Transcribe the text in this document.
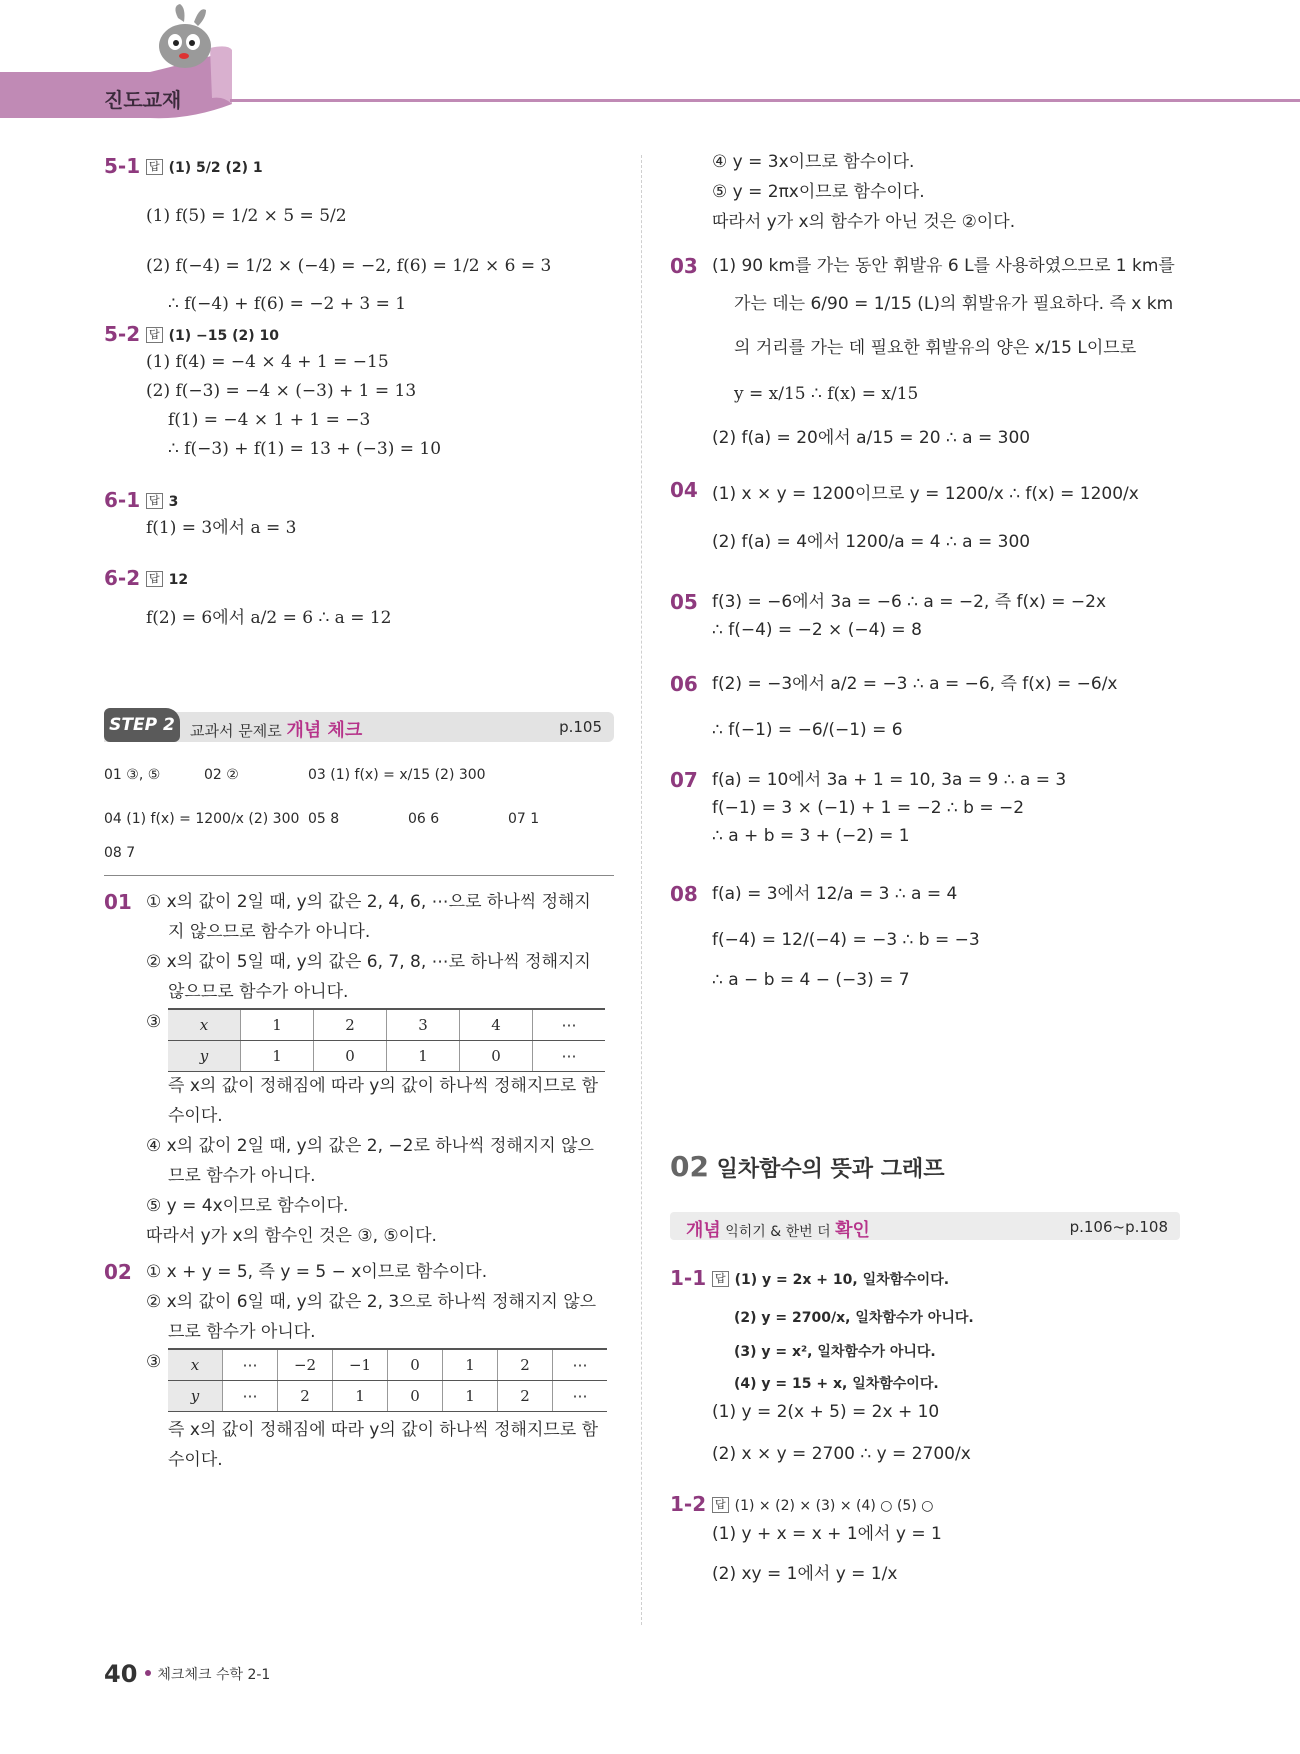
진도교재
5-1 답 (1) 5/2 (2) 1
(1) f(5) = 1/2 × 5 = 5/2
(2) f(−4) = 1/2 × (−4) = −2, f(6) = 1/2 × 6 = 3
∴ f(−4) + f(6) = −2 + 3 = 1
5-2 답 (1) −15 (2) 10
(1) f(4) = −4 × 4 + 1 = −15
(2) f(−3) = −4 × (−3) + 1 = 13
f(1) = −4 × 1 + 1 = −3
∴ f(−3) + f(1) = 13 + (−3) = 10
6-1 답 3
f(1) = 3에서 a = 3
6-2 답 12
f(2) = 6에서 a/2 = 6 ∴ a = 12
STEP 2	교과서 문제로 개념 체크	p.105
01 ③, ⑤	02 ②	03 (1) f(x) = x/15 (2) 300
04 (1) f(x) = 1200/x (2) 300 05 8	06 6	07 1
08 7
01 ① x의 값이 2일 때, y의 값은 2, 4, 6, ⋯으로 하나씩 정해지
지 않으므로 함수가 아니다.
② x의 값이 5일 때, y의 값은 6, 7, 8, ⋯로 하나씩 정해지지
않으므로 함수가 아니다.
③	x	1	2	3	4	⋯
y	1	0	1	0	⋯
즉 x의 값이 정해짐에 따라 y의 값이 하나씩 정해지므로 함
수이다.
④ x의 값이 2일 때, y의 값은 2, −2로 하나씩 정해지지 않으
므로 함수가 아니다.
⑤ y = 4x이므로 함수이다.
따라서 y가 x의 함수인 것은 ③, ⑤이다.
02 ① x + y = 5, 즉 y = 5 − x이므로 함수이다.
② x의 값이 6일 때, y의 값은 2, 3으로 하나씩 정해지지 않으
므로 함수가 아니다.
③ x	⋯	−2	−1	0	1	2	⋯
y	⋯	2	1	0	1	2	⋯
즉 x의 값이 정해짐에 따라 y의 값이 하나씩 정해지므로 함
수이다.
④ y = 3x이므로 함수이다.
⑤ y = 2πx이므로 함수이다.
따라서 y가 x의 함수가 아닌 것은 ②이다.
03 (1) 90 km를 가는 동안 휘발유 6 L를 사용하였으므로 1 km를
가는 데는 6/90 = 1/15 (L)의 휘발유가 필요하다. 즉 x km
의 거리를 가는 데 필요한 휘발유의 양은 x/15 L이므로
y = x/15 ∴ f(x) = x/15
(2) f(a) = 20에서 a/15 = 20 ∴ a = 300
04 (1) x × y = 1200이므로 y = 1200/x ∴ f(x) = 1200/x
(2) f(a) = 4에서 1200/a = 4 ∴ a = 300
05 f(3) = −6에서 3a = −6 ∴ a = −2, 즉 f(x) = −2x
∴ f(−4) = −2 × (−4) = 8
06 f(2) = −3에서 a/2 = −3 ∴ a = −6, 즉 f(x) = −6/x
∴ f(−1) = −6/(−1) = 6
07 f(a) = 10에서 3a + 1 = 10, 3a = 9 ∴ a = 3
f(−1) = 3 × (−1) + 1 = −2 ∴ b = −2
∴ a + b = 3 + (−2) = 1
08 f(a) = 3에서 12/a = 3 ∴ a = 4
f(−4) = 12/(−4) = −3 ∴ b = −3
∴ a − b = 4 − (−3) = 7
02 일차함수의 뜻과 그래프
개념 익히기 & 한번 더 확인	p.106~p.108
1-1 답 (1) y = 2x + 10, 일차함수이다.
(2) y = 2700/x, 일차함수가 아니다.
(3) y = x², 일차함수가 아니다.
(4) y = 15 + x, 일차함수이다.
(1) y = 2(x + 5) = 2x + 10
(2) x × y = 2700 ∴ y = 2700/x
1-2 답 (1) × (2) × (3) × (4) ○ (5) ○
(1) y + x = x + 1에서 y = 1
(2) xy = 1에서 y = 1/x
40 체크체크 수학 2-1
